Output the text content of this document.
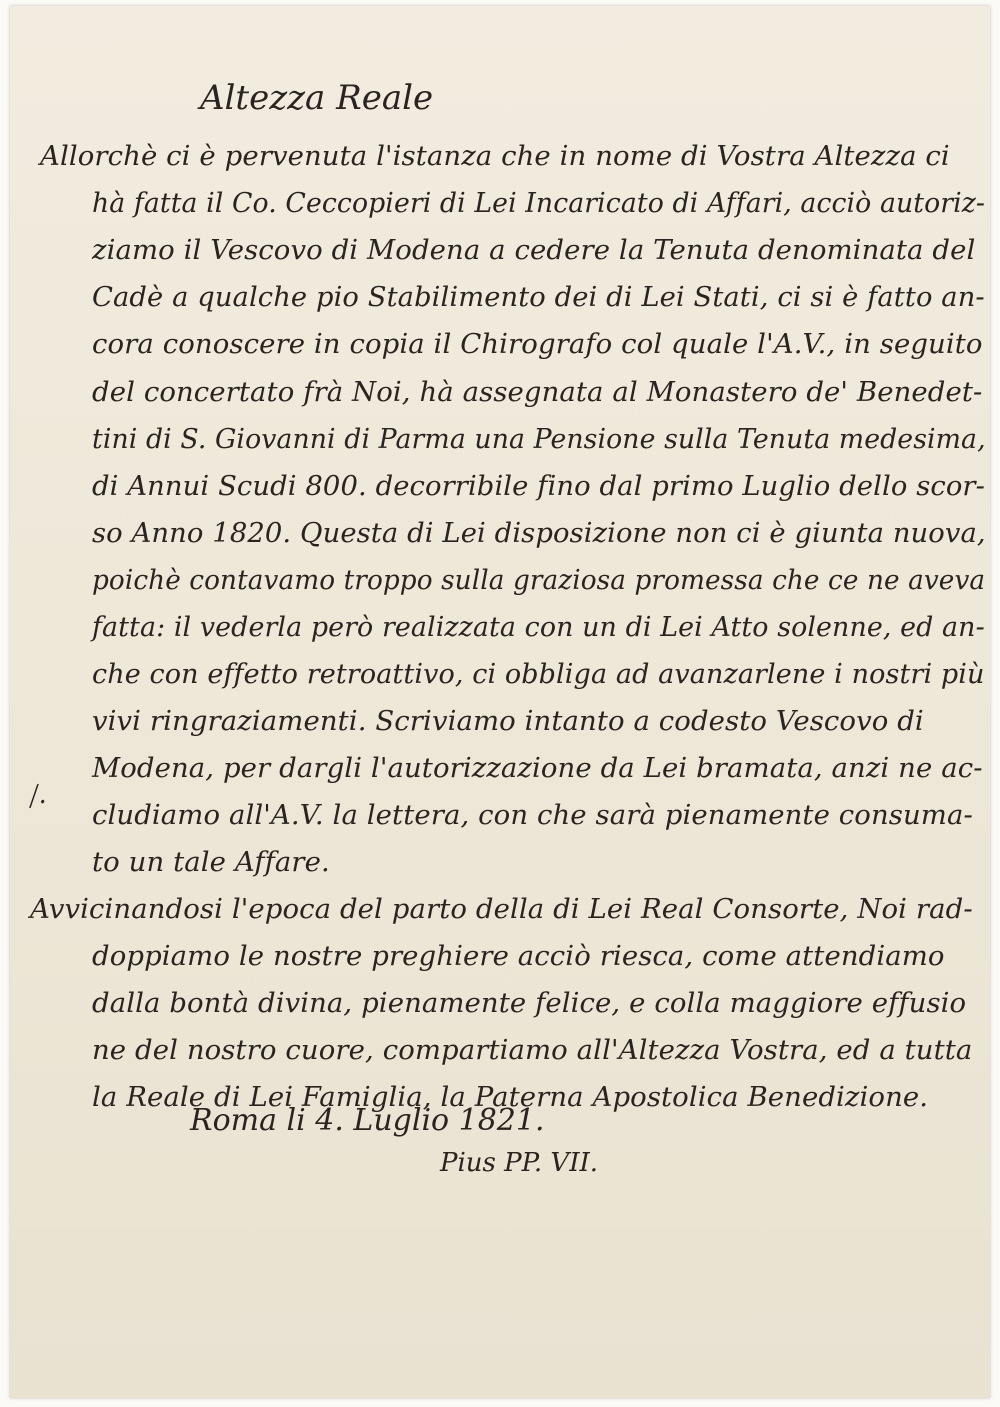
Altezza Reale
Allorchè ci è pervenuta l'istanza che in nome di Vostra Altezza ci
hà fatta il Co. Ceccopieri di Lei Incaricato di Affari, acciò autoriz-
ziamo il Vescovo di Modena a cedere la Tenuta denominata del
Cadè a qualche pio Stabilimento dei di Lei Stati, ci si è fatto an-
cora conoscere in copia il Chirografo col quale l'A.V., in seguito
del concertato frà Noi, hà assegnata al Monastero de' Benedet-
tini di S. Giovanni di Parma una Pensione sulla Tenuta medesima,
di Annui Scudi 800. decorribile fino dal primo Luglio dello scor-
so Anno 1820. Questa di Lei disposizione non ci è giunta nuova,
poichè contavamo troppo sulla graziosa promessa che ce ne aveva
fatta: il vederla però realizzata con un di Lei Atto solenne, ed an-
che con effetto retroattivo, ci obbliga ad avanzarlene i nostri più
vivi ringraziamenti. Scriviamo intanto a codesto Vescovo di
Modena, per dargli l'autorizzazione da Lei bramata, anzi ne ac-
cludiamo all'A.V. la lettera, con che sarà pienamente consuma-
to un tale Affare.
Avvicinandosi l'epoca del parto della di Lei Real Consorte, Noi rad-
doppiamo le nostre preghiere acciò riesca, come attendiamo
dalla bontà divina, pienamente felice, e colla maggiore effusio
ne del nostro cuore, compartiamo all'Altezza Vostra, ed a tutta
la Reale di Lei Famiglia, la Paterna Apostolica Benedizione.
⁄.
Roma li 4. Luglio 1821.
Pius PP. VII.
